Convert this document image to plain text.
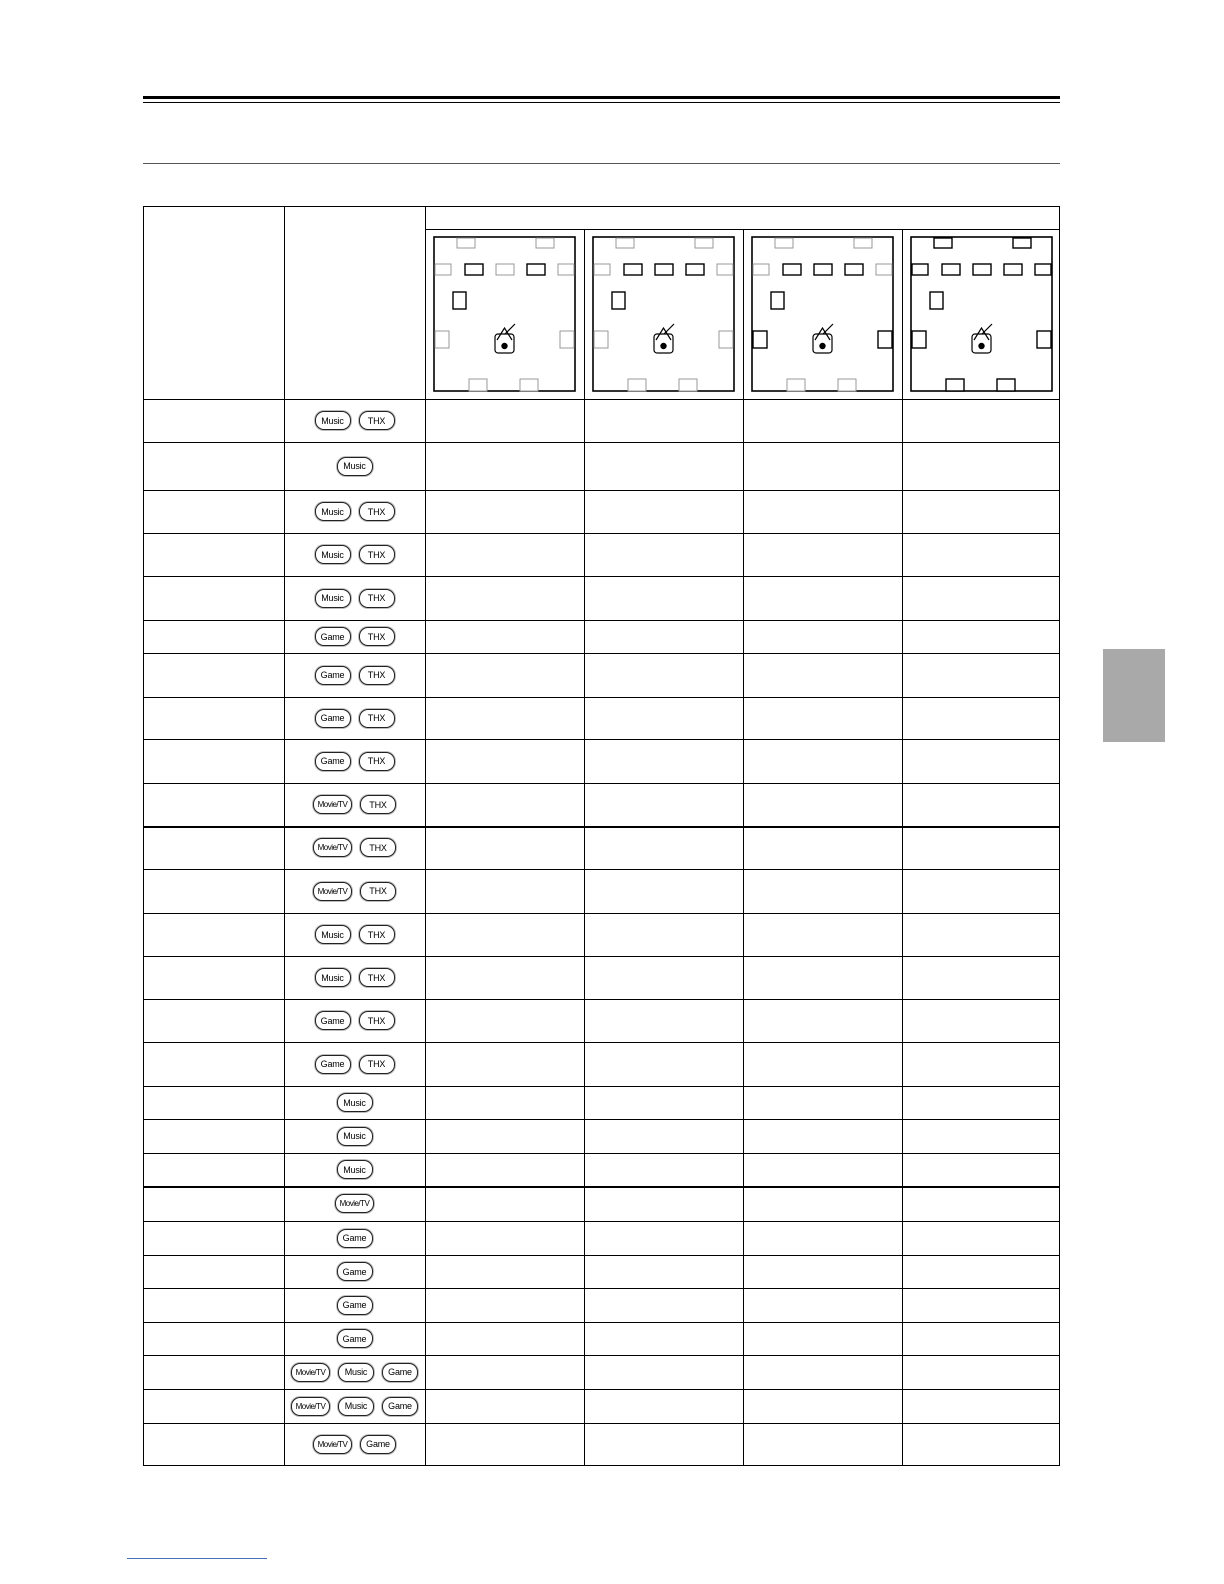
Music	THX
Music
Music	THX
Music	THX
Music	THX
Game	THX
Game	THX
Game	THX
Game	THX
Movie/TV	THX
Movie/TV	THX
Movie/TV	THX
Music	THX
Music	THX
Game	THX
Game	THX
Music
Music
Music
Movie/TV
Game
Game
Game
Game
Movie/TV	Music	Game
Movie/TV	Music	Game
Movie/TV	Game
